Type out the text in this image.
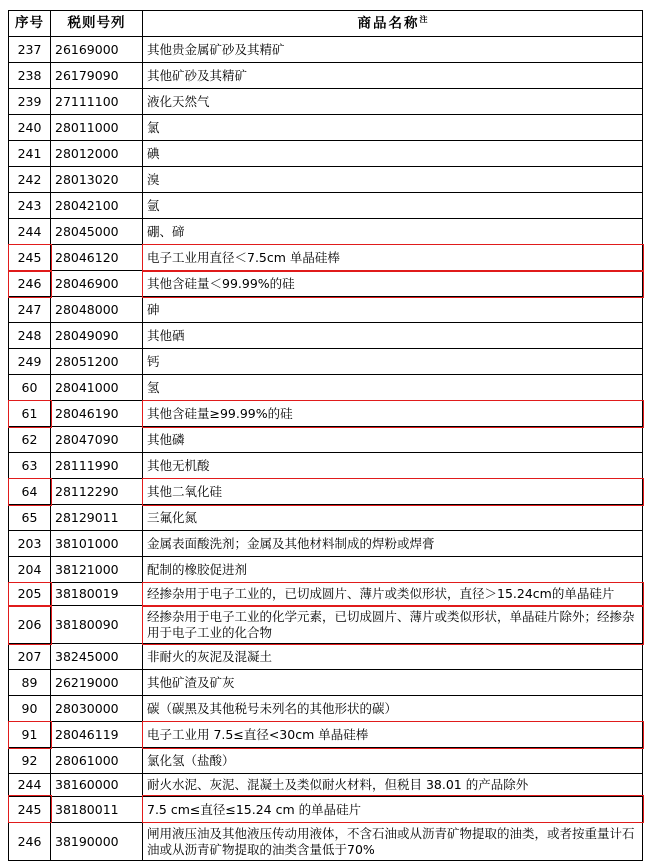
序号	税则号列	商品名称$^注$
237	26169000	其他贵金属矿砂及其精矿
238	26179090	其他矿砂及其精矿
239	27111100	液化天然气
240	28011000	氯
241	28012000	碘
242	28013020	溴
243	28042100	氩
244	28045000	硼、碲
245	28046120	电子工业用直径＜7.5cm 单晶硅棒
246	28046900	其他含硅量＜99.99%的硅
247	28048000	砷
248	28049090	其他硒
249	28051200	钙
60	28041000	氢
61	28046190	其他含硅量≥99.99%的硅
62	28047090	其他磷
63	28111990	其他无机酸
64	28112290	其他二氧化硅
65	28129011	三氟化氮
203	38101000	金属表面酸洗剂；金属及其他材料制成的焊粉或焊膏
204	38121000	配制的橡胶促进剂
205	38180019	经掺杂用于电子工业的，已切成圆片、薄片或类似形状，直径＞15.24cm的单晶硅片
206	38180090	经掺杂用于电子工业的化学元素，已切成圆片、薄片或类似形状，单晶硅片除外；经掺杂用于电子工业的化合物
207	38245000	非耐火的灰泥及混凝土
89	26219000	其他矿渣及矿灰
90	28030000	碳（碳黑及其他税号未列名的其他形状的碳）
91	28046119	电子工业用 7.5≤直径<30cm 单晶硅棒
92	28061000	氯化氢（盐酸）
244	38160000	耐火水泥、灰泥、混凝土及类似耐火材料，但税目 38.01 的产品除外
245	38180011	7.5 cm≤直径≤15.24 cm 的单晶硅片
246	38190000	闸用液压油及其他液压传动用液体，不含石油或从沥青矿物提取的油类，或者按重量计石油或从沥青矿物提取的油类含量低于70%
